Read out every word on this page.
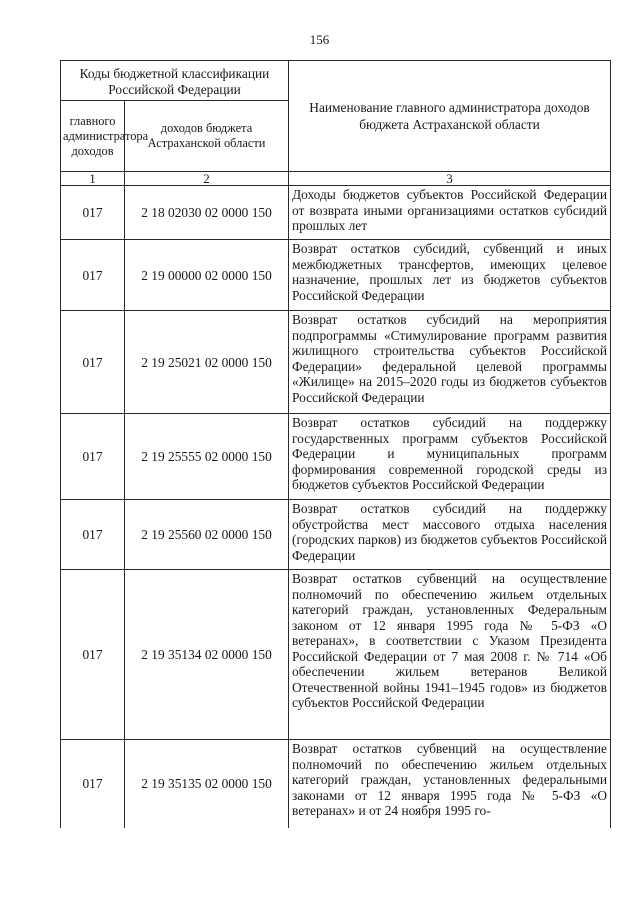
156
Коды бюджетной классификации Российской Федерации		Наименование главного администратора доходов бюджета Астраханской области
главного администратора доходов	доходов бюджета Астраханской области	
1	2	3
017	2 18 02030 02 0000 150	Доходы бюджетов субъектов Российской Федерации от возврата иными организациями остатков субсидий прошлых лет
017	2 19 00000 02 0000 150	Возврат остатков субсидий, субвенций и иных межбюджетных трансфертов, имеющих целевое назначение, прошлых лет из бюджетов субъектов Российской Федерации
017	2 19 25021 02 0000 150	Возврат остатков субсидий на мероприятия подпрограммы «Стимулирование программ развития жилищного строительства субъектов Российской Федерации» федеральной целевой программы «Жилище» на 2015–2020 годы из бюджетов субъектов Российской Федерации
017	2 19 25555 02 0000 150	Возврат остатков субсидий на поддержку государственных программ субъектов Российской Федерации и муниципальных программ формирования современной городской среды из бюджетов субъектов Российской Федерации
017	2 19 25560 02 0000 150	Возврат остатков субсидий на поддержку обустройства мест массового отдыха населения (городских парков) из бюджетов субъектов Российской Федерации
017	2 19 35134 02 0000 150	Возврат остатков субвенций на осуществление полномочий по обеспечению жильем отдельных категорий граждан, установленных Федеральным законом от 12 января 1995 года № 5-ФЗ «О ветеранах», в соответствии с Указом Президента Российской Федерации от 7 мая 2008 г. № 714 «Об обеспечении жильем ветеранов Великой Отечественной войны 1941–1945 годов» из бюджетов субъектов Российской Федерации
017	2 19 35135 02 0000 150	Возврат остатков субвенций на осуществление полномочий по обеспечению жильем отдельных категорий граждан, установленных федеральными законами от 12 января 1995 года № 5-ФЗ «О ветеранах» и от 24 ноября 1995 го-
